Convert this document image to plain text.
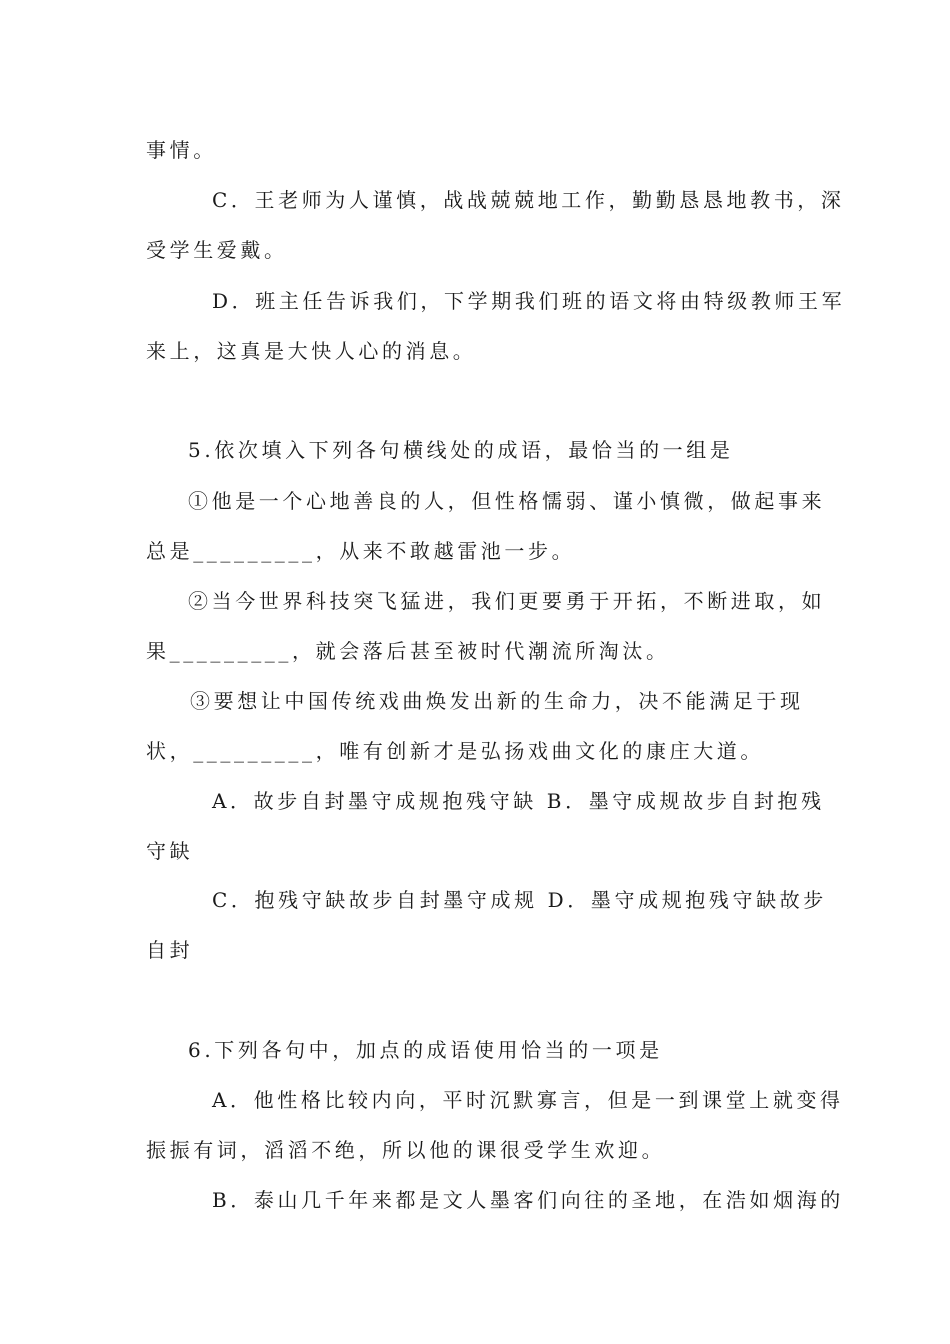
事情。
C．王老师为人谨慎，战战兢兢地工作，勤勤恳恳地教书，深
受学生爱戴。
D．班主任告诉我们，下学期我们班的语文将由特级教师王军
来上，这真是大快人心的消息。
5.依次填入下列各句横线处的成语，最恰当的一组是
①他是一个心地善良的人，但性格懦弱、谨小慎微，做起事来
总是_________，从来不敢越雷池一步。
②当今世界科技突飞猛进，我们更要勇于开拓，不断进取，如
果_________，就会落后甚至被时代潮流所淘汰。
③要想让中国传统戏曲焕发出新的生命力，决不能满足于现
状，_________，唯有创新才是弘扬戏曲文化的康庄大道。
A．故步自封墨守成规抱残守缺 B．墨守成规故步自封抱残
守缺
C．抱残守缺故步自封墨守成规 D．墨守成规抱残守缺故步
自封
6.下列各句中，加点的成语使用恰当的一项是
A．他性格比较内向，平时沉默寡言，但是一到课堂上就变得
振振有词，滔滔不绝，所以他的课很受学生欢迎。
B．泰山几千年来都是文人墨客们向往的圣地，在浩如烟海的
